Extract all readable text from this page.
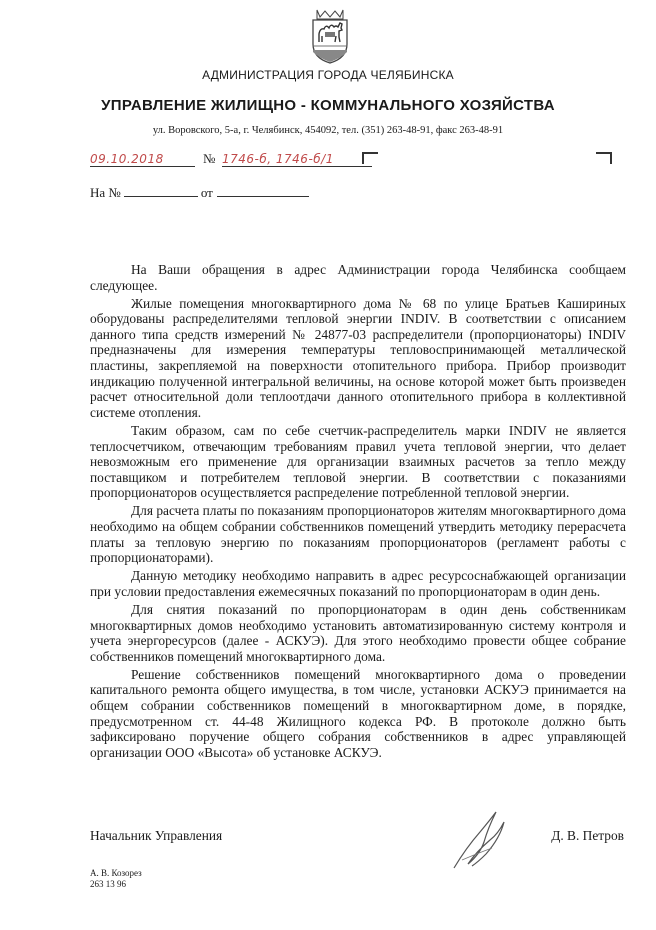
АДМИНИСТРАЦИЯ ГОРОДА ЧЕЛЯБИНСКА
УПРАВЛЕНИЕ ЖИЛИЩНО - КОММУНАЛЬНОГО ХОЗЯЙСТВА
ул. Воровского, 5-а, г. Челябинск, 454092, тел. (351) 263-48-91, факс 263-48-91
09.10.2018	№ 1746-б, 1746-б/1
На №	от

На Ваши обращения в адрес Администрации города Челябинска сообщаем следующее.

Жилые помещения многоквартирного дома № 68 по улице Братьев Кашириных оборудованы распределителями тепловой энергии INDIV. В соответствии с описанием данного типа средств измерений № 24877-03 распределители (пропорционаторы) INDIV предназначены для измерения температуры тепловоспринимающей металлической пластины, закрепляемой на поверхности отопительного прибора. Прибор производит индикацию полученной интегральной величины, на основе которой может быть произведен расчет относительной доли теплоотдачи данного отопительного прибора в коллективной системе отопления.

Таким образом, сам по себе счетчик-распределитель марки INDIV не является теплосчетчиком, отвечающим требованиям правил учета тепловой энергии, что делает невозможным его применение для организации взаимных расчетов за тепло между поставщиком и потребителем тепловой энергии. В соответствии с показаниями пропорционаторов осуществляется распределение потребленной тепловой энергии.

Для расчета платы по показаниям пропорционаторов жителям многоквартирного дома необходимо на общем собрании собственников помещений утвердить методику перерасчета платы за тепловую энергию по показаниям пропорционаторов (регламент работы с пропорционаторами).

Данную методику необходимо направить в адрес ресурсоснабжающей организации при условии предоставления ежемесячных показаний по пропорционаторам в один день.

Для снятия показаний по пропорционаторам в один день собственникам многоквартирных домов необходимо установить автоматизированную систему контроля и учета энергоресурсов (далее - АСКУЭ). Для этого необходимо провести общее собрание собственников помещений многоквартирного дома.

Решение собственников помещений многоквартирного дома о проведении капитального ремонта общего имущества, в том числе, установки АСКУЭ принимается на общем собрании собственников помещений в многоквартирном доме, в порядке, предусмотренном ст. 44-48 Жилищного кодекса РФ. В протоколе должно быть зафиксировано поручение общего собрания собственников в адрес управляющей организации ООО «Высота» об установке АСКУЭ.

Начальник Управления	Д. В. Петров
А. В. Козорез
263 13 96
